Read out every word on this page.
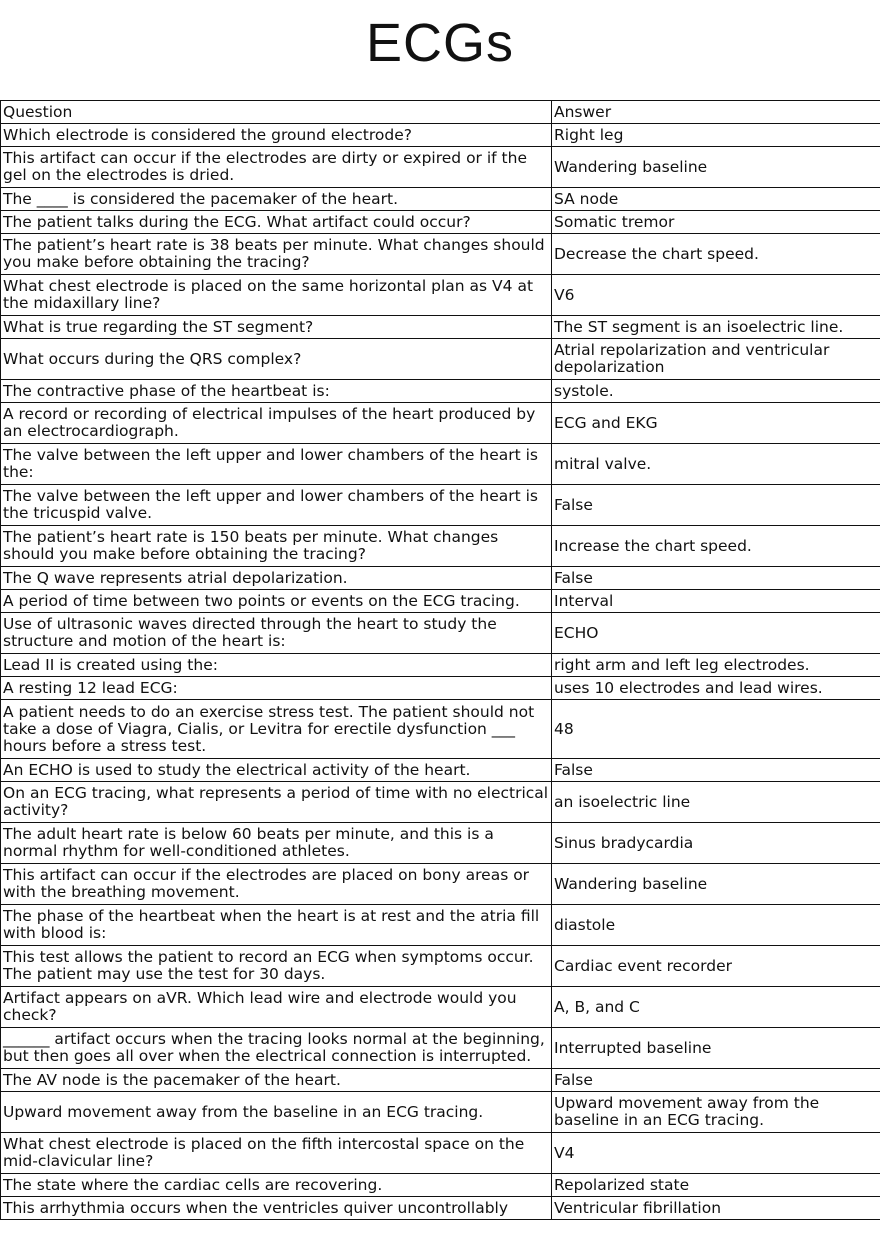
ECGs
Question	Answer
Which electrode is considered the ground electrode?	Right leg
This artifact can occur if the electrodes are dirty or expired or if the gel on the electrodes is dried.	Wandering baseline
The ____ is considered the pacemaker of the heart.	SA node
The patient talks during the ECG. What artifact could occur?	Somatic tremor
The patient’s heart rate is 38 beats per minute. What changes should you make before obtaining the tracing?	Decrease the chart speed.
What chest electrode is placed on the same horizontal plan as V4 at the midaxillary line?	V6
What is true regarding the ST segment?	The ST segment is an isoelectric line.
What occurs during the QRS complex?	Atrial repolarization and ventricular depolarization
The contractive phase of the heartbeat is:	systole.
A record or recording of electrical impulses of the heart produced by an electrocardiograph.	ECG and EKG
The valve between the left upper and lower chambers of the heart is the:	mitral valve.
The valve between the left upper and lower chambers of the heart is the tricuspid valve.	False
The patient’s heart rate is 150 beats per minute. What changes should you make before obtaining the tracing?	Increase the chart speed.
The Q wave represents atrial depolarization.	False
A period of time between two points or events on the ECG tracing.	Interval
Use of ultrasonic waves directed through the heart to study the structure and motion of the heart is:	ECHO
Lead II is created using the:	right arm and left leg electrodes.
A resting 12 lead ECG:	uses 10 electrodes and lead wires.
A patient needs to do an exercise stress test. The patient should not take a dose of Viagra, Cialis, or Levitra for erectile dysfunction ___ hours before a stress test.	48
An ECHO is used to study the electrical activity of the heart.	False
On an ECG tracing, what represents a period of time with no electrical activity?	an isoelectric line
The adult heart rate is below 60 beats per minute, and this is a normal rhythm for well-conditioned athletes.	Sinus bradycardia
This artifact can occur if the electrodes are placed on bony areas or with the breathing movement.	Wandering baseline
The phase of the heartbeat when the heart is at rest and the atria fill with blood is:	diastole
This test allows the patient to record an ECG when symptoms occur. The patient may use the test for 30 days.	Cardiac event recorder
Artifact appears on aVR. Which lead wire and electrode would you check?	A, B, and C
______ artifact occurs when the tracing looks normal at the beginning, but then goes all over when the electrical connection is interrupted.	Interrupted baseline
The AV node is the pacemaker of the heart.	False
Upward movement away from the baseline in an ECG tracing.	Upward movement away from the baseline in an ECG tracing.
What chest electrode is placed on the fifth intercostal space on the mid-clavicular line?	V4
The state where the cardiac cells are recovering.	Repolarized state
This arrhythmia occurs when the ventricles quiver uncontrollably	Ventricular fibrillation
